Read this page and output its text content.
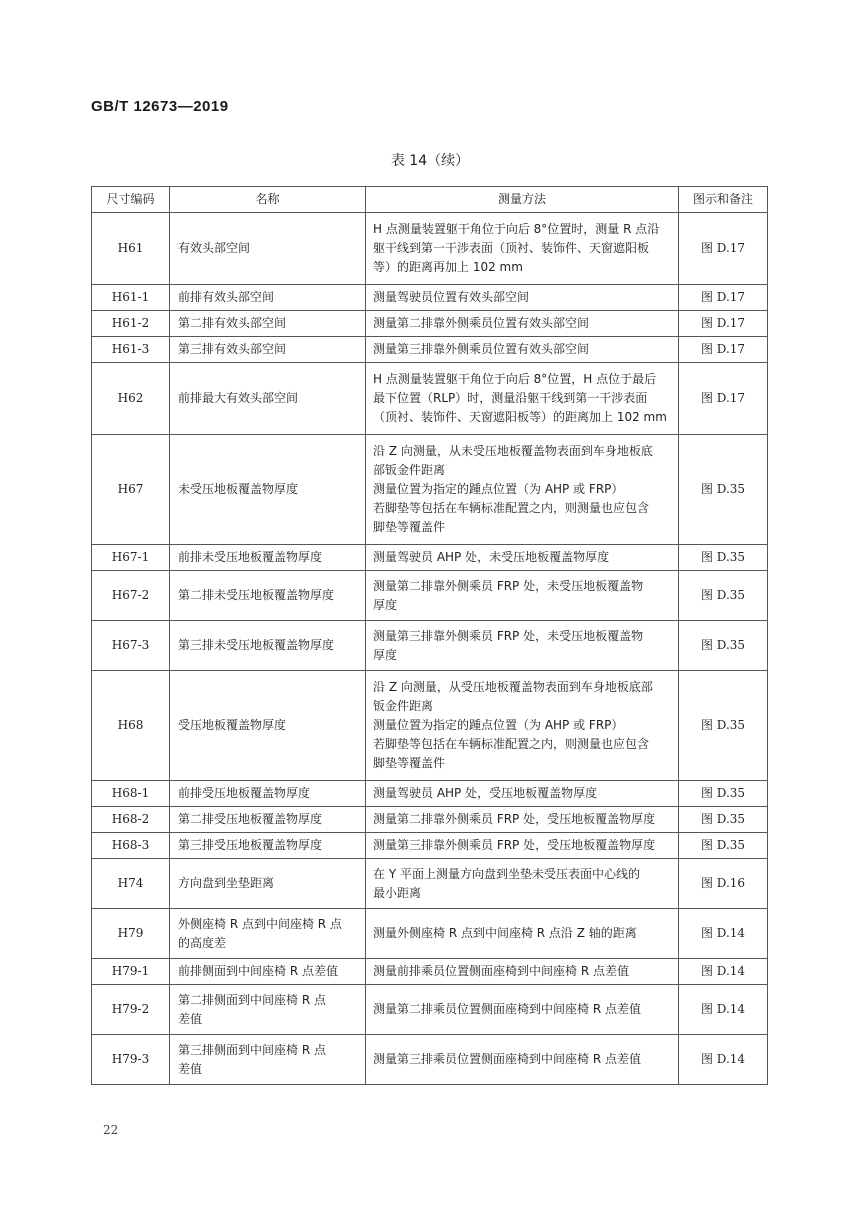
GB/T 12673—2019
表 14（续）
尺寸编码	名称	测量方法	图示和备注
H61	有效头部空间	H 点测量装置躯干角位于向后 8°位置时，测量 R 点沿
躯干线到第一干涉表面（顶衬、装饰件、天窗遮阳板
等）的距离再加上 102 mm	图 D.17
H61-1	前排有效头部空间	测量驾驶员位置有效头部空间	图 D.17
H61-2	第二排有效头部空间	测量第二排靠外侧乘员位置有效头部空间	图 D.17
H61-3	第三排有效头部空间	测量第三排靠外侧乘员位置有效头部空间	图 D.17
H62	前排最大有效头部空间	H 点测量装置躯干角位于向后 8°位置，H 点位于最后
最下位置（RLP）时，测量沿躯干线到第一干涉表面
（顶衬、装饰件、天窗遮阳板等）的距离加上 102 mm	图 D.17
H67	未受压地板覆盖物厚度	沿 Z 向测量，从未受压地板覆盖物表面到车身地板底
部钣金件距离
测量位置为指定的踵点位置（为 AHP 或 FRP）
若脚垫等包括在车辆标准配置之内，则测量也应包含
脚垫等覆盖件	图 D.35
H67-1	前排未受压地板覆盖物厚度	测量驾驶员 AHP 处，未受压地板覆盖物厚度	图 D.35
H67-2	第二排未受压地板覆盖物厚度	测量第二排靠外侧乘员 FRP 处，未受压地板覆盖物
厚度	图 D.35
H67-3	第三排未受压地板覆盖物厚度	测量第三排靠外侧乘员 FRP 处，未受压地板覆盖物
厚度	图 D.35
H68	受压地板覆盖物厚度	沿 Z 向测量，从受压地板覆盖物表面到车身地板底部
钣金件距离
测量位置为指定的踵点位置（为 AHP 或 FRP）
若脚垫等包括在车辆标准配置之内，则测量也应包含
脚垫等覆盖件	图 D.35
H68-1	前排受压地板覆盖物厚度	测量驾驶员 AHP 处，受压地板覆盖物厚度	图 D.35
H68-2	第二排受压地板覆盖物厚度	测量第二排靠外侧乘员 FRP 处，受压地板覆盖物厚度	图 D.35
H68-3	第三排受压地板覆盖物厚度	测量第三排靠外侧乘员 FRP 处，受压地板覆盖物厚度	图 D.35
H74	方向盘到坐垫距离	在 Y 平面上测量方向盘到坐垫未受压表面中心线的
最小距离	图 D.16
H79	外侧座椅 R 点到中间座椅 R 点
的高度差	测量外侧座椅 R 点到中间座椅 R 点沿 Z 轴的距离	图 D.14
H79-1	前排侧面到中间座椅 R 点差值	测量前排乘员位置侧面座椅到中间座椅 R 点差值	图 D.14
H79-2	第二排侧面到中间座椅 R 点
差值	测量第二排乘员位置侧面座椅到中间座椅 R 点差值	图 D.14
H79-3	第三排侧面到中间座椅 R 点
差值	测量第三排乘员位置侧面座椅到中间座椅 R 点差值	图 D.14
22
